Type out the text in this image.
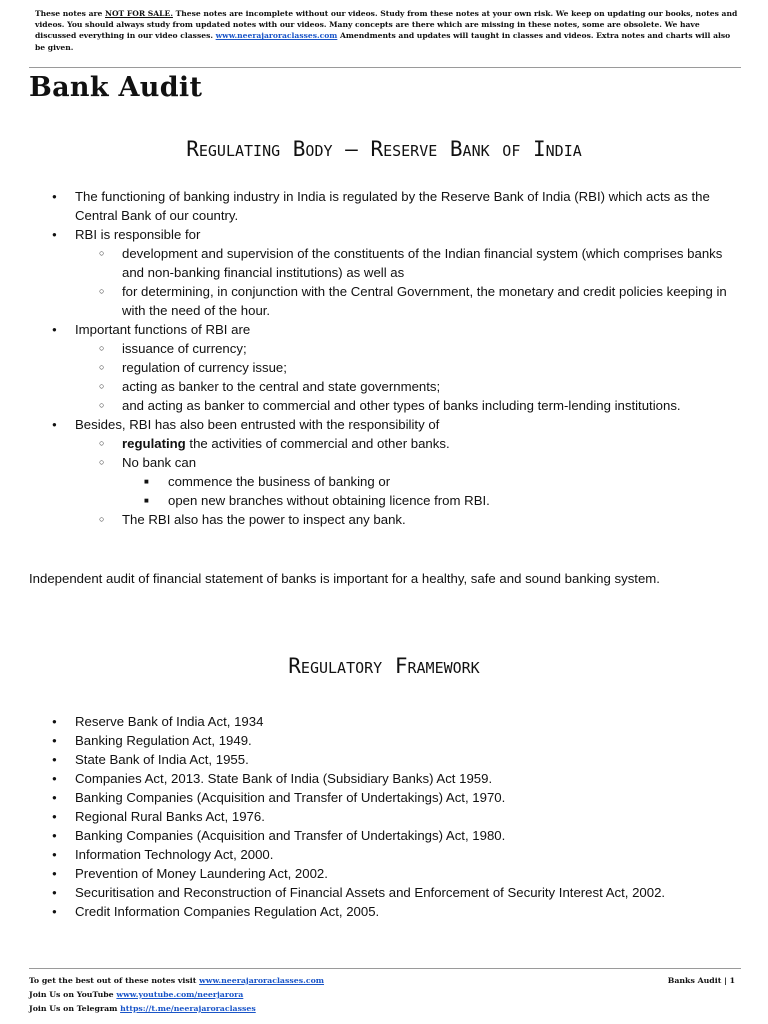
These notes are NOT FOR SALE. These notes are incomplete without our videos. Study from these notes at your own risk. We keep on updating our books, notes and videos. You should always study from updated notes with our videos. Many concepts are there which are missing in these notes, some are obsolete. We have discussed everything in our video classes. www.neerajaroraclasses.com Amendments and updates will taught in classes and videos. Extra notes and charts will also be given.
Bank Audit
Regulating Body – Reserve Bank of India
● The functioning of banking industry in India is regulated by the Reserve Bank of India (RBI) which acts as the Central Bank of our country.
● RBI is responsible for
○ development and supervision of the constituents of the Indian financial system (which comprises banks and non-banking financial institutions) as well as
○ for determining, in conjunction with the Central Government, the monetary and credit policies keeping in with the need of the hour.
● Important functions of RBI are
○ issuance of currency;
○ regulation of currency issue;
○ acting as banker to the central and state governments;
○ and acting as banker to commercial and other types of banks including term-lending institutions.
● Besides, RBI has also been entrusted with the responsibility of
○ regulating the activities of commercial and other banks.
○ No bank can
■ commence the business of banking or
■ open new branches without obtaining licence from RBI.
○ The RBI also has the power to inspect any bank.
Independent audit of financial statement of banks is important for a healthy, safe and sound banking system.
Regulatory Framework
● Reserve Bank of India Act, 1934
● Banking Regulation Act, 1949.
● State Bank of India Act, 1955.
● Companies Act, 2013. State Bank of India (Subsidiary Banks) Act 1959.
● Banking Companies (Acquisition and Transfer of Undertakings) Act, 1970.
● Regional Rural Banks Act, 1976.
● Banking Companies (Acquisition and Transfer of Undertakings) Act, 1980.
● Information Technology Act, 2000.
● Prevention of Money Laundering Act, 2002.
● Securitisation and Reconstruction of Financial Assets and Enforcement of Security Interest Act, 2002.
● Credit Information Companies Regulation Act, 2005.
To get the best out of these notes visit www.neerajaroraclasses.com
Join Us on YouTube www.youtube.com/neerjarora
Join Us on Telegram https://t.me/neerajaroraclasses
Banks Audit | 1
